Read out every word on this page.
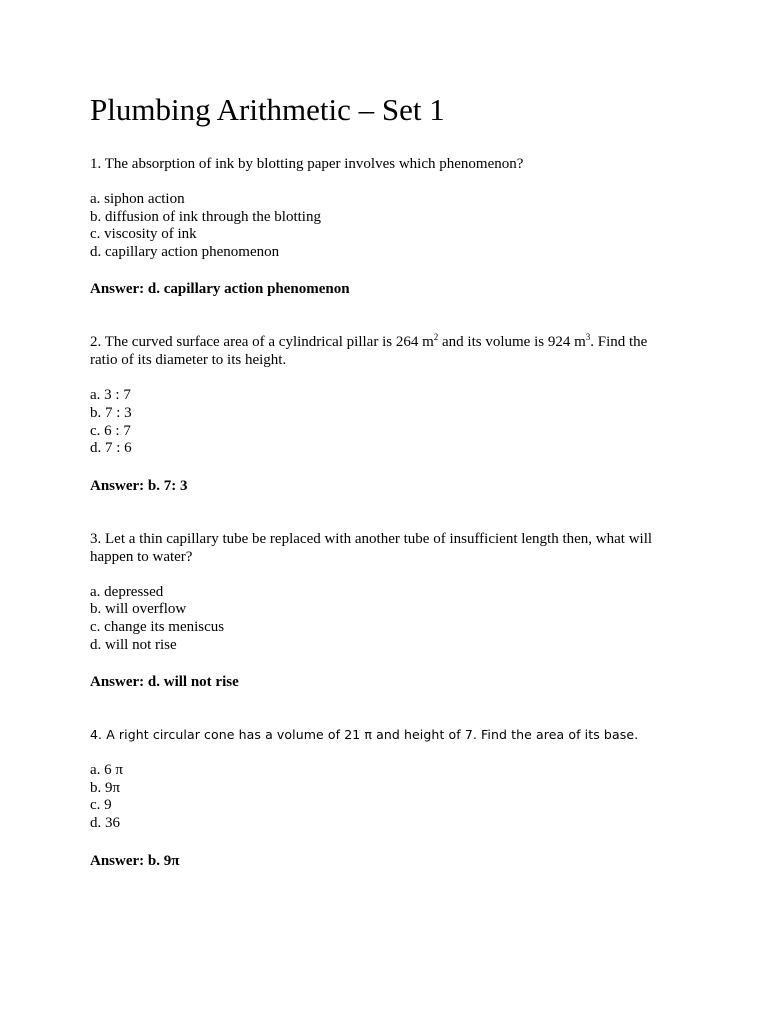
Plumbing Arithmetic – Set 1

1. The absorption of ink by blotting paper involves which phenomenon?

a. siphon action
b. diffusion of ink through the blotting
c. viscosity of ink
d. capillary action phenomenon

Answer: d. capillary action phenomenon

2. The curved surface area of a cylindrical pillar is 264 $m^2$ and its volume is 924 $m^3$. Find the ratio of its diameter to its height.

a. 3 : 7
b. 7 : 3
c. 6 : 7
d. 7 : 6

Answer: b. 7: 3

3. Let a thin capillary tube be replaced with another tube of insufficient length then, what will happen to water?

a. depressed
b. will overflow
c. change its meniscus
d. will not rise

Answer: d. will not rise

4. A right circular cone has a volume of 21 π and height of 7. Find the area of its base.

a. 6 π
b. 9π
c. 9
d. 36

Answer: b. 9π
